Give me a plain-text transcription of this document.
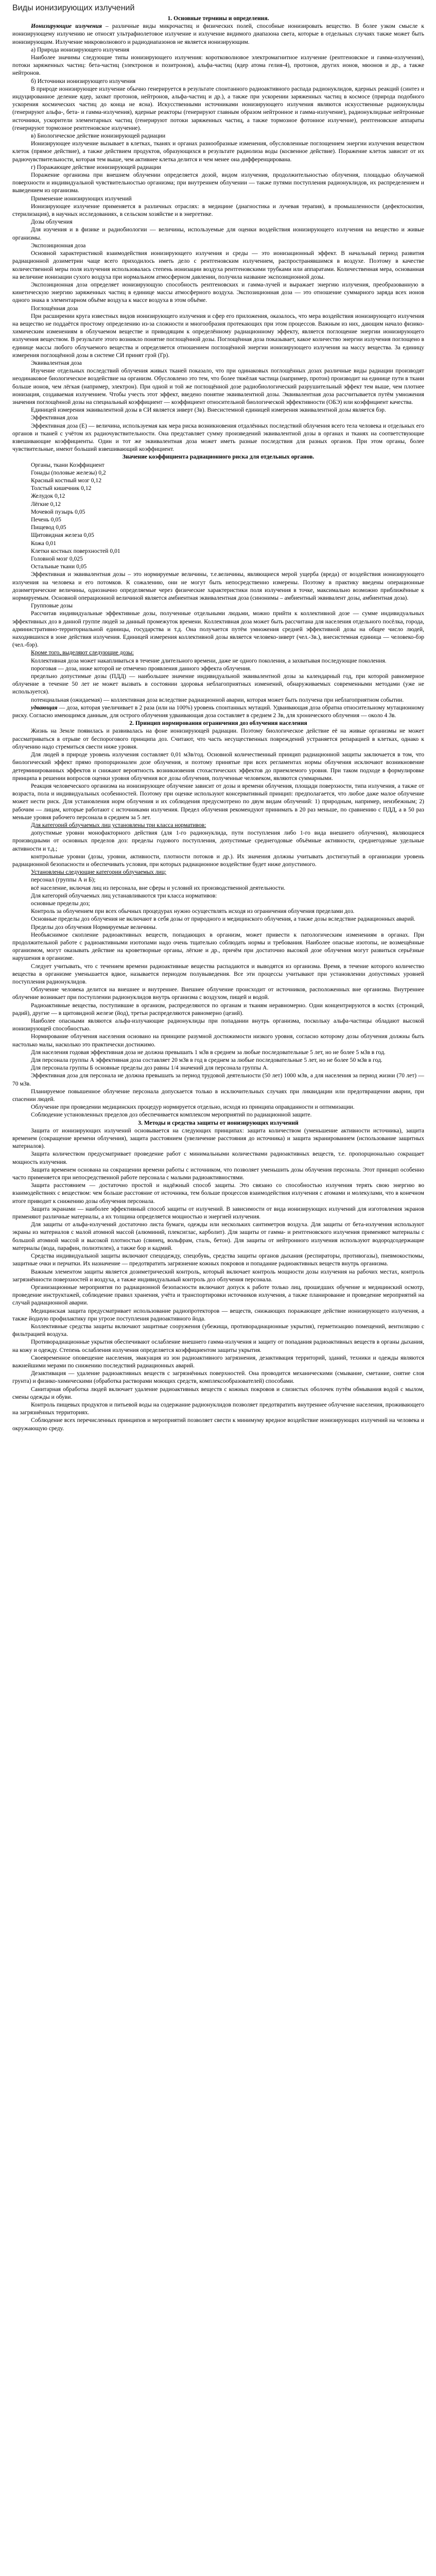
Виды ионизирующих излучений

1. Основные термины и определения.

Ионизирующие излучения – различные виды микрочастиц и физических полей, способные ионизировать вещество. В более узком смысле к ионизирующему излучению не относят ультрафиолетовое излучение и излучение видимого диапазона света, которые в отдельных случаях также может быть ионизирующим. Излучение микроволнового и радиодиапазонов не является ионизирующим.

а) Природа ионизирующего излучения

Наиболее значимы следующие типы ионизирующего излучения: коротковолновое электромагнитное излучение (рентгеновское и гамма-излучения), потоки заряженных частиц: бета-частиц (электронов и позитронов), альфа-частиц (ядер атома гелия-4), протонов, других ионов, мюонов и др., а также нейтронов.

б) Источники ионизирующего излучения

В природе ионизирующее излучение обычно генерируется в результате спонтанного радиоактивного распада радионуклидов, ядерных реакций (синтез и индуцированное деление ядер, захват протонов, нейтронов, альфа-частиц и др.), а также при ускорении заряженных частиц в космосе (природа подобного ускорения космических частиц до конца не ясна). Искусственными источниками ионизирующего излучения являются искусственные радионуклиды (генерируют альфа-, бета- и гамма-излучения), ядерные реакторы (генерируют главным образом нейтронное и гамма-излучение), радионуклидные нейтронные источники, ускорители элементарных частиц (генерируют потоки заряженных частиц, а также тормозное фотонное излучение), рентгеновские аппараты (генерируют тормозное рентгеновское излучение).

в) Биологическое действие ионизирующей радиации

Ионизирующее излучение вызывает в клетках, тканях и органах разнообразные изменения, обусловленные поглощением энергии излучения веществом клеток (прямое действие), а также действием продуктов, образующихся в результате радиолиза воды (косвенное действие). Поражение клеток зависит от их радиочувствительности, которая тем выше, чем активнее клетка делится и чем менее она дифференцирована.

г) Поражающее действие ионизирующей радиации

Поражение организма при внешнем облучении определяется дозой, видом излучения, продолжительностью облучения, площадью облучаемой поверхности и индивидуальной чувствительностью организма; при внутреннем облучении — также путями поступления радионуклидов, их распределением и выведением из организма.

Применение ионизирующих излучений

Ионизирующее излучение применяется в различных отраслях: в медицине (диагностика и лучевая терапия), в промышленности (дефектоскопия, стерилизация), в научных исследованиях, в сельском хозяйстве и в энергетике.

Дозы облучения

Для изучения и в физике и радиобиологии — величины, используемые для оценки воздействия ионизирующего излучения на вещество и живые организмы.

Экспозиционная доза

Основной характеристикой взаимодействия ионизирующего излучения и среды — это ионизационный эффект. В начальный период развития радиационной дозиметрии чаще всего приходилось иметь дело с рентгеновским излучением, распространявшимся в воздухе. Поэтому в качестве количественной меры поля излучения использовалась степень ионизации воздуха рентгеновскими трубками или аппаратами. Количественная мера, основанная на величине ионизации сухого воздуха при нормальном атмосферном давлении, получила название экспозиционной дозы.

Экспозиционная доза определяет ионизирующую способность рентгеновских и гамма-лучей и выражает энергию излучения, преобразованную в кинетическую энергию заряженных частиц в единице массы атмосферного воздуха. Экспозиционная доза — это отношение суммарного заряда всех ионов одного знака в элементарном объёме воздуха к массе воздуха в этом объёме.

Поглощённая доза

При расширении круга известных видов ионизирующего излучения и сфер его приложения, оказалось, что мера воздействия ионизирующего излучения на вещество не поддаётся простому определению из-за сложности и многообразия протекающих при этом процессов. Важным из них, дающим начало физико-химическим изменениям в облучаемом веществе и приводящим к определённому радиационному эффекту, является поглощение энергии ионизирующего излучения веществом. В результате этого возникло понятие поглощённой дозы. Поглощённая доза показывает, какое количество энергии излучения поглощено в единице массы любого облучаемого вещества и определяется отношением поглощённой энергии ионизирующего излучения на массу вещества. За единицу измерения поглощённой дозы в системе СИ принят грэй (Гр).

Эквивалентная доза

Изучение отдельных последствий облучения живых тканей показало, что при одинаковых поглощённых дозах различные виды радиации производят неодинаковое биологическое воздействие на организм. Обусловлено это тем, что более тяжёлая частица (например, протон) производит на единице пути в ткани больше ионов, чем лёгкая (например, электрон). При одной и той же поглощённой дозе радиобиологический разрушительный эффект тем выше, чем плотнее ионизация, создаваемая излучением. Чтобы учесть этот эффект, введено понятие эквивалентной дозы. Эквивалентная доза рассчитывается путём умножения значения поглощённой дозы на специальный коэффициент — коэффициент относительной биологической эффективности (ОБЭ) или коэффициент качества.

Единицей измерения эквивалентной дозы в СИ является зиверт (Зв). Внесистемной единицей измерения эквивалентной дозы является бэр.

Эффективная доза

Эффективная доза (E) — величина, используемая как мера риска возникновения отдалённых последствий облучения всего тела человека и отдельных его органов и тканей с учётом их радиочувствительности. Она представляет сумму произведений эквивалентной дозы в органах и тканях на соответствующие взвешивающие коэффициенты. Один и тот же эквивалентная доза может иметь разные последствия для разных органов. При этом органы, более чувствительные, имеют больший взвешивающий коэффициент.

Значение коэффициента радиационного риска для отдельных органов.

Органы, ткани Коэффициент

Гонады (половые железы) 0,2

Красный костный мозг 0,12

Толстый кишечник 0,12

Желудок 0,12

Лёгкие 0,12

Мочевой пузырь 0,05

Печень 0,05

Пищевод 0,05

Щитовидная железа 0,05

Кожа 0,01

Клетки костных поверхностей 0,01

Головной мозг 0,025

Остальные ткани 0,05

Эффективная и эквивалентная дозы – это нормируемые величины, т.е.величины, являющиеся мерой ущерба (вреда) от воздействия ионизирующего излучения на человека и его потомков. К сожалению, они не могут быть непосредственно измерены. Поэтому в практику введены операционные дозиметрические величины, однозначно определяемые через физические характеристики поля излучения в точке, максимально возможно приближённые к нормируемым. Основной операционной величиной является амбиентная эквивалентная доза (синонимы – амбиентный эквивалент дозы, амбиентная доза).

Групповые дозы

Рассчитав индивидуальные эффективные дозы, полученные отдельными людьми, можно прийти к коллективной дозе — сумме индивидуальных эффективных доз в данной группе людей за данный промежуток времени. Коллективная доза может быть рассчитана для населения отдельного посёлка, города, административно-территориальной единицы, государства и т.д. Она получается путём умножения средней эффективной дозы на общее число людей, находившихся в зоне действия излучения. Единицей измерения коллективной дозы является человеко-зиверт (чел.-Зв.), внесистемная единица — человеко-бэр (чел.-бэр).

Кроме того, выделяют следующие дозы:

Коллективная доза может накапливаться в течение длительного времени, даже не одного поколения, а захватывая последующие поколения.

пороговая — доза, ниже которой не отмечено проявления данного эффекта облучения.

предельно допустимые дозы (ПДД) — наибольшее значение индивидуальной эквивалентной дозы за календарный год, при которой равномерное облучение в течение 50 лет не может вызвать в состоянии здоровья неблагоприятных изменений, обнаруживаемых современными методами (уже не используется).

потенциальная (ожидаемая) — коллективная доза вследствие радиационной аварии, которая может быть получена при неблагоприятном событии.

удвающая — доза, которая увеличивает в 2 раза (или на 100%) уровень спонтанных мутаций. Удваивающая доза обратна относительному мутационному риску. Согласно имеющимся данным, для острого облучения удваивающая доза составляет в среднем 2 Зв, для хронического облучения — около 4 Зв.

2. Принцип нормирования ограничения доз облучения населения

Жизнь на Земле появилась и развивалась на фоне ионизирующей радиации. Поэтому биологическое действие её на живые организмы не может рассматриваться в отрыве от беспорогового принципа доз. Считают, что часть несущественных повреждений устраняется репарацией в клетках, однако к облучению надо стремиться свести ниже уровня.

Для людей в природе уровень излучения составляет 0,01 мЗв/год. Основной количественный принцип радиационной защиты заключается в том, что биологический эффект прямо пропорционален дозе облучения, и поэтому принятые при всех регламентах нормы облучения исключают возникновение детерминированных эффектов и снижают вероятность возникновения стохастических эффектов до приемлемого уровня. При таком подходе в формулировке принципа в решении вопросов оценки уровня облучения все дозы облучения, полученные человеком, являются суммарными.

Реакция человеческого организма на ионизирующее облучение зависит от дозы и времени облучения, площади поверхности, типа излучения, а также от возраста, пола и индивидуальных особенностей. Поэтому при оценке используют консервативный принцип: предполагается, что любое даже малое облучение может нести риск. Для установления норм облучения и их соблюдения предусмотрено по двум видам облучений: 1) природным, например, неизбежным; 2) рабочим — лицам, которые работают с источниками излучения. Предел облучения рекомендуют принимать в 20 раз меньше, по сравнению с ПДД, а в 50 раз меньше уровня рабочего персонала в среднем за 5 лет.

Для категорий облучаемых лиц установлены три класса нормативов:

допустимые уровни монофакторного действия (для 1-го радионуклида, пути поступления либо 1-го вида внешнего облучения), являющиеся производными от основных пределов доз: пределы годового поступления, допустимые среднегодовые объёмные активности, среднегодовые удельные активности и т.д.;

контрольные уровни (дозы, уровни, активности, плотности потоков и др.). Их значения должны учитывать достигнутый в организации уровень радиационной безопасности и обеспечивать условия, при которых радиационное воздействие будет ниже допустимого.

Установлены следующие категории облучаемых лиц:

персонал (группы А и Б);

всё население, включая лиц из персонала, вне сферы и условий их производственной деятельности.

Для категорий облучаемых лиц устанавливаются три класса нормативов:

основные пределы доз;

Контроль за облучением при всех обычных процедурах нужно осуществлять исходя из ограничения облучения пределами доз.

Основные пределы доз облучения не включают в себя дозы от природного и медицинского облучения, а также дозы вследствие радиационных аварий.

Пределы доз облучения Нормируемые величины.

Необъяснимое скопление радиоактивных веществ, попадающих в организм, может привести к патологическим изменениям в органах. При продолжительной работе с радиоактивными изотопами надо очень тщательно соблюдать нормы и требования. Наиболее опасные изотопы, не возмещённые организмом, могут оказывать действие на кроветворные органы, лёгкие и др., причём при достаточно высокой дозе облучения могут развиться серьёзные нарушения в организме.

Следует учитывать, что с течением времени радиоактивные вещества распадаются и выводятся из организма. Время, в течение которого количество вещества в организме уменьшается вдвое, называется периодом полувыведения. Все эти процессы учитывают при установлении допустимых уровней поступления радионуклидов.

Облучение человека делится на внешнее и внутреннее. Внешнее облучение происходит от источников, расположенных вне организма. Внутреннее облучение возникает при поступлении радионуклидов внутрь организма с воздухом, пищей и водой.

Радиоактивные вещества, поступившие в организм, распределяются по органам и тканям неравномерно. Одни концентрируются в костях (стронций, радий), другие — в щитовидной железе (йод), третьи распределяются равномерно (цезий).

Наиболее опасными являются альфа-излучающие радионуклиды при попадании внутрь организма, поскольку альфа-частицы обладают высокой ионизирующей способностью.

Нормирование облучения населения основано на принципе разумной достижимости низкого уровня, согласно которому дозы облучения должны быть настолько малы, насколько это практически достижимо.

Для населения годовая эффективная доза не должна превышать 1 мЗв в среднем за любые последовательные 5 лет, но не более 5 мЗв в год.

Для персонала группы А эффективная доза составляет 20 мЗв в год в среднем за любые последовательные 5 лет, но не более 50 мЗв в год.

Для персонала группы Б основные пределы доз равны 1/4 значений для персонала группы А.

Эффективная доза для персонала не должна превышать за период трудовой деятельности (50 лет) 1000 мЗв, а для населения за период жизни (70 лет) — 70 мЗв.

Планируемое повышенное облучение персонала допускается только в исключительных случаях при ликвидации или предотвращении аварии, при спасении людей.

Облучение при проведении медицинских процедур нормируется отдельно, исходя из принципа оправданности и оптимизации.

Соблюдение установленных пределов доз обеспечивается комплексом мероприятий по радиационной защите.

3. Методы и средства защиты от ионизирующих излучений

Защита от ионизирующих излучений основывается на следующих принципах: защита количеством (уменьшение активности источника), защита временем (сокращение времени облучения), защита расстоянием (увеличение расстояния до источника) и защита экранированием (использование защитных материалов).

Защита количеством предусматривает проведение работ с минимальными количествами радиоактивных веществ, т.е. пропорционально сокращает мощность излучения.

Защита временем основана на сокращении времени работы с источником, что позволяет уменьшить дозы облучения персонала. Этот принцип особенно часто применяется при непосредственной работе персонала с малыми радиоактивностями.

Защита расстоянием — достаточно простой и надёжный способ защиты. Это связано со способностью излучения терять свою энергию во взаимодействиях с веществом: чем больше расстояние от источника, тем больше процессов взаимодействия излучения с атомами и молекулами, что в конечном итоге приводит к снижению дозы облучения персонала.

Защита экранами — наиболее эффективный способ защиты от излучений. В зависимости от вида ионизирующих излучений для изготовления экранов применяют различные материалы, а их толщина определяется мощностью и энергией излучения.

Для защиты от альфа-излучений достаточно листа бумаги, одежды или нескольких сантиметров воздуха. Для защиты от бета-излучения используют экраны из материалов с малой атомной массой (алюминий, плексиглас, карболит). Для защиты от гамма- и рентгеновского излучения применяют материалы с большой атомной массой и высокой плотностью (свинец, вольфрам, сталь, бетон). Для защиты от нейтронного излучения используют водородсодержащие материалы (вода, парафин, полиэтилен), а также бор и кадмий.

Средства индивидуальной защиты включают спецодежду, спецобувь, средства защиты органов дыхания (респираторы, противогазы), пневмокостюмы, защитные очки и перчатки. Их назначение — предотвратить загрязнение кожных покровов и попадание радиоактивных веществ внутрь организма.

Важным элементом защиты является дозиметрический контроль, который включает контроль мощности дозы излучения на рабочих местах, контроль загрязнённости поверхностей и воздуха, а также индивидуальный контроль доз облучения персонала.

Организационные мероприятия по радиационной безопасности включают допуск к работе только лиц, прошедших обучение и медицинский осмотр, проведение инструктажей, соблюдение правил хранения, учёта и транспортировки источников излучения, а также планирование и проведение мероприятий на случай радиационной аварии.

Медицинская защита предусматривает использование радиопротекторов — веществ, снижающих поражающее действие ионизирующего излучения, а также йодную профилактику при угрозе поступления радиоактивного йода.

Коллективные средства защиты включают защитные сооружения (убежища, противорадиационные укрытия), герметизацию помещений, вентиляцию с фильтрацией воздуха.

Противорадиационные укрытия обеспечивают ослабление внешнего гамма-излучения и защиту от попадания радиоактивных веществ в органы дыхания, на кожу и одежду. Степень ослабления излучения определяется коэффициентом защиты укрытия.

Своевременное оповещение населения, эвакуация из зон радиоактивного загрязнения, дезактивация территорий, зданий, техники и одежды являются важнейшими мерами по снижению последствий радиационных аварий.

Дезактивация — удаление радиоактивных веществ с загрязнённых поверхностей. Она проводится механическими (смывание, сметание, снятие слоя грунта) и физико-химическими (обработка растворами моющих средств, комплексообразователей) способами.

Санитарная обработка людей включает удаление радиоактивных веществ с кожных покровов и слизистых оболочек путём обмывания водой с мылом, смены одежды и обуви.

Контроль пищевых продуктов и питьевой воды на содержание радионуклидов позволяет предотвратить внутреннее облучение населения, проживающего на загрязнённых территориях.

Соблюдение всех перечисленных принципов и мероприятий позволяет свести к минимуму вредное воздействие ионизирующих излучений на человека и окружающую среду.
